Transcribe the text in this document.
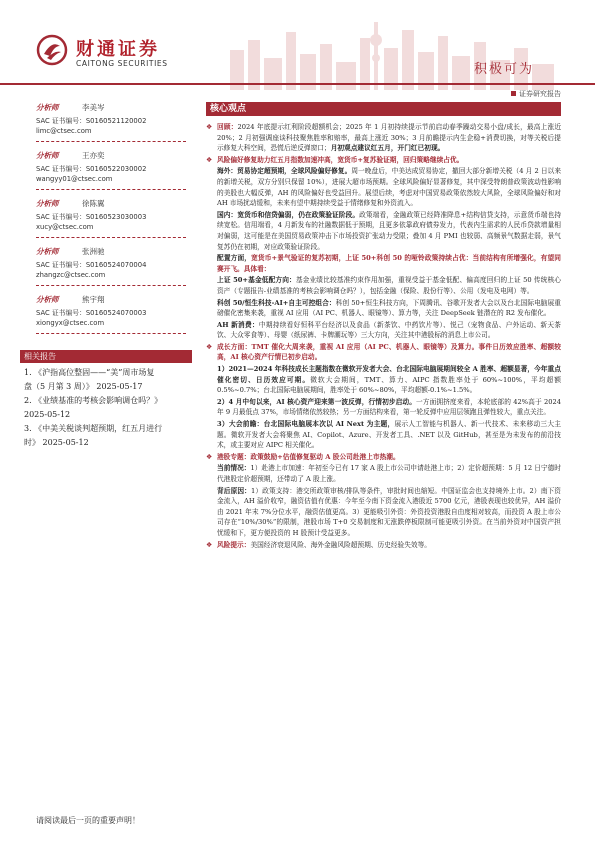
财通证券
CAITONG SECURITIES	积极可为
证券研究报告
分析师	李美岑
SAC 证书编号：S0160521120002
limc@ctsec.com
分析师	王亦奕
SAC 证书编号：S0160522030002
wangyy01@ctsec.com
分析师	徐陈翼
SAC 证书编号：S0160523030003
xucy@ctsec.com
分析师	张洲驰
SAC 证书编号：S0160524070004
zhangzc@ctsec.com
分析师	熊宇翔
SAC 证书编号：S0160524070003
xiongyx@ctsec.com
相关报告
1. 《沪指高位整固——“美”周市场复
盘（5 月第 3 周）》 2025-05-17
2. 《业绩基准的考核会影响调仓吗？》
2025-05-12
3. 《中美关税谈判超预期，红五月进行
时》 2025-05-12
核心观点

❖ 回顾：2024 年底提示红利阶段超额机会；2025 年 1 月初持续提示节前启动春季躁动交易小盘/成长，最高上涨近 20%；2 月初强调座谈科技聚焦胜率和赔率，最高上涨近 30%；3 月前瞻提示内生企稳+消费切换，对等关税后提示修复大科空间，恐慌后逆反弹窗口；月初观点建议红五月，开门红已初现。

❖ 风险偏好修复助力红五月指数加速冲高，宽货币+复苏验证期，回归策略继续占优。

海外：贸易协定超预期，全球风险偏好修复。周一晚盘后，中美达成贸易协定，撤回大部分新增关税（4 月 2 日以来的新增关税，双方分别只保留 10%），进展大超市场预期。全球风险偏好显著修复，其中深受特朗普政策波动性影响的美股也大幅反弹，AH 的风险偏好也受益回升。展望后续，考虑对中国贸易政策依然较大风险，全球风险偏好和对 AH 市场扰动缓和，未来有望中期持续受益于情绪修复和外资流入。

国内：宽货币和信贷偏弱，仍在政策验证阶段。政策端看，金融政策已经降准降息+结构信贷支持，示意货币端也持续宽松。信用端看，4 月新发布的社融数据低于预期，且更多依靠政府债券发力，代表内生需求的人民币贷款增量相对偏弱，这可能是在美国贸易政策冲击下市场投资扩张动力受限；叠加 4 月 PMI 也较弱、高频景气数据走弱，景气复苏仍在初期，对应政策验证阶段。

配置方面，宽货币+景气验证的复苏初期，上证 50+科创 50 的哑铃政策持续占优：当前结构有所增强化，有望同赛开飞。具体看：

上证 50+基金低配方向：基金业绩比较基准约束作用加强，重视受益于基金低配、偏高度回归的上证 50 传统核心资产（专题报告-业绩基准的考核会影响调仓吗？），包括金融（保险、股份行等）、公用（发电及电网）等。

科创 50/恒生科技-AI+自主可控组合：科创 50+恒生科技方向，下周腾讯、谷歌开发者大会以及台北国际电脑展重磅催化密集来袭，重视 AI 应用（AI PC、机器人、眼镜等）、算力等，关注 DeepSeek 链潜在的 R2 发布催化。

AH 新消费：中期持续看好恒科平台经济以及食品（新茶饮、中药饮片等）、悦己（宠物食品、户外运动、新天茶饮、大众零食等）、母婴（纸尿裤、卡牌潮玩等）三大方向，关注其中港股标的消息上市公司。

❖ 成长方面：TMT 催化大周来袭，重视 AI 应用（AI PC、机器人、眼镜等）及算力。事件日历效应胜率、超额较高，AI 核心资产行情已初步启动。

1）2021—2024 年科技成长主题指数在微软开发者大会、台北国际电脑展期间较全 A 胜率、超额显著，今年重点催化密切、日历效应可期。微软大会期间，TMT、算力、AIPC 指数胜率处于 60%~100%，平均超额 0.5%~0.7%；台北国际电脑展期间，胜率处于 60%~80%，平均超额-0.1%~1.5%。

2）4 月中旬以来，AI 核心资产迎来第一波反弹，行情初步启动。一方面拥挤度来看，本轮底部的 42%高于 2024 年 9 月最低点 37%，市场情绪依然较热；另一方面结构来看，第一轮反弹中应用层领跑且弹性较大，重点关注。

3）大会前瞻：台北国际电脑展本次以 AI Next 为主题，展示人工智能与机器人、新一代技术、未来移动三大主题。微软开发者大会将聚焦 AI、Copilot、Azure、开发者工具、.NET 以及 GitHub，甚至是为未发布的前沿技术，或主要对应 AIPC 相关催化。

❖ 港股专题：政策鼓励+估值修复驱动 A 股公司赴港上市热潮。

当前情况：1）赴港上市加速：年初至今已有 17 家 A 股上市公司申请赴港上市；2）定价超预期：5 月 12 日宁德时代港股定价超预期，还带动了 A 股上涨。

背后原因：1）政策支持：港交所政策审核/排队等条件，审批时间也缩短。中国证监会也支持境外上市。2）南下资金流入，AH 溢价收窄，融资估值有优惠：今年至今南下资金流入港股近 5700 亿元，港股表现也较优异，AH 溢价由 2021 年末 7%分位水平，融资估值更高。3）更能吸引外资：外资投资港股自由度相对较高，而投资 A 股上市公司存在“10%/30%”的限制，港股市场 T+0 交易制度和无涨跌停板限制可能更吸引外资。在当前外资对中国资产担忧缓和下，更方便投资的 H 股预计受益更多。

❖ 风险提示：美国经济衰退风险、海外金融风险超预期、历史经验失效等。

请阅读最后一页的重要声明！
